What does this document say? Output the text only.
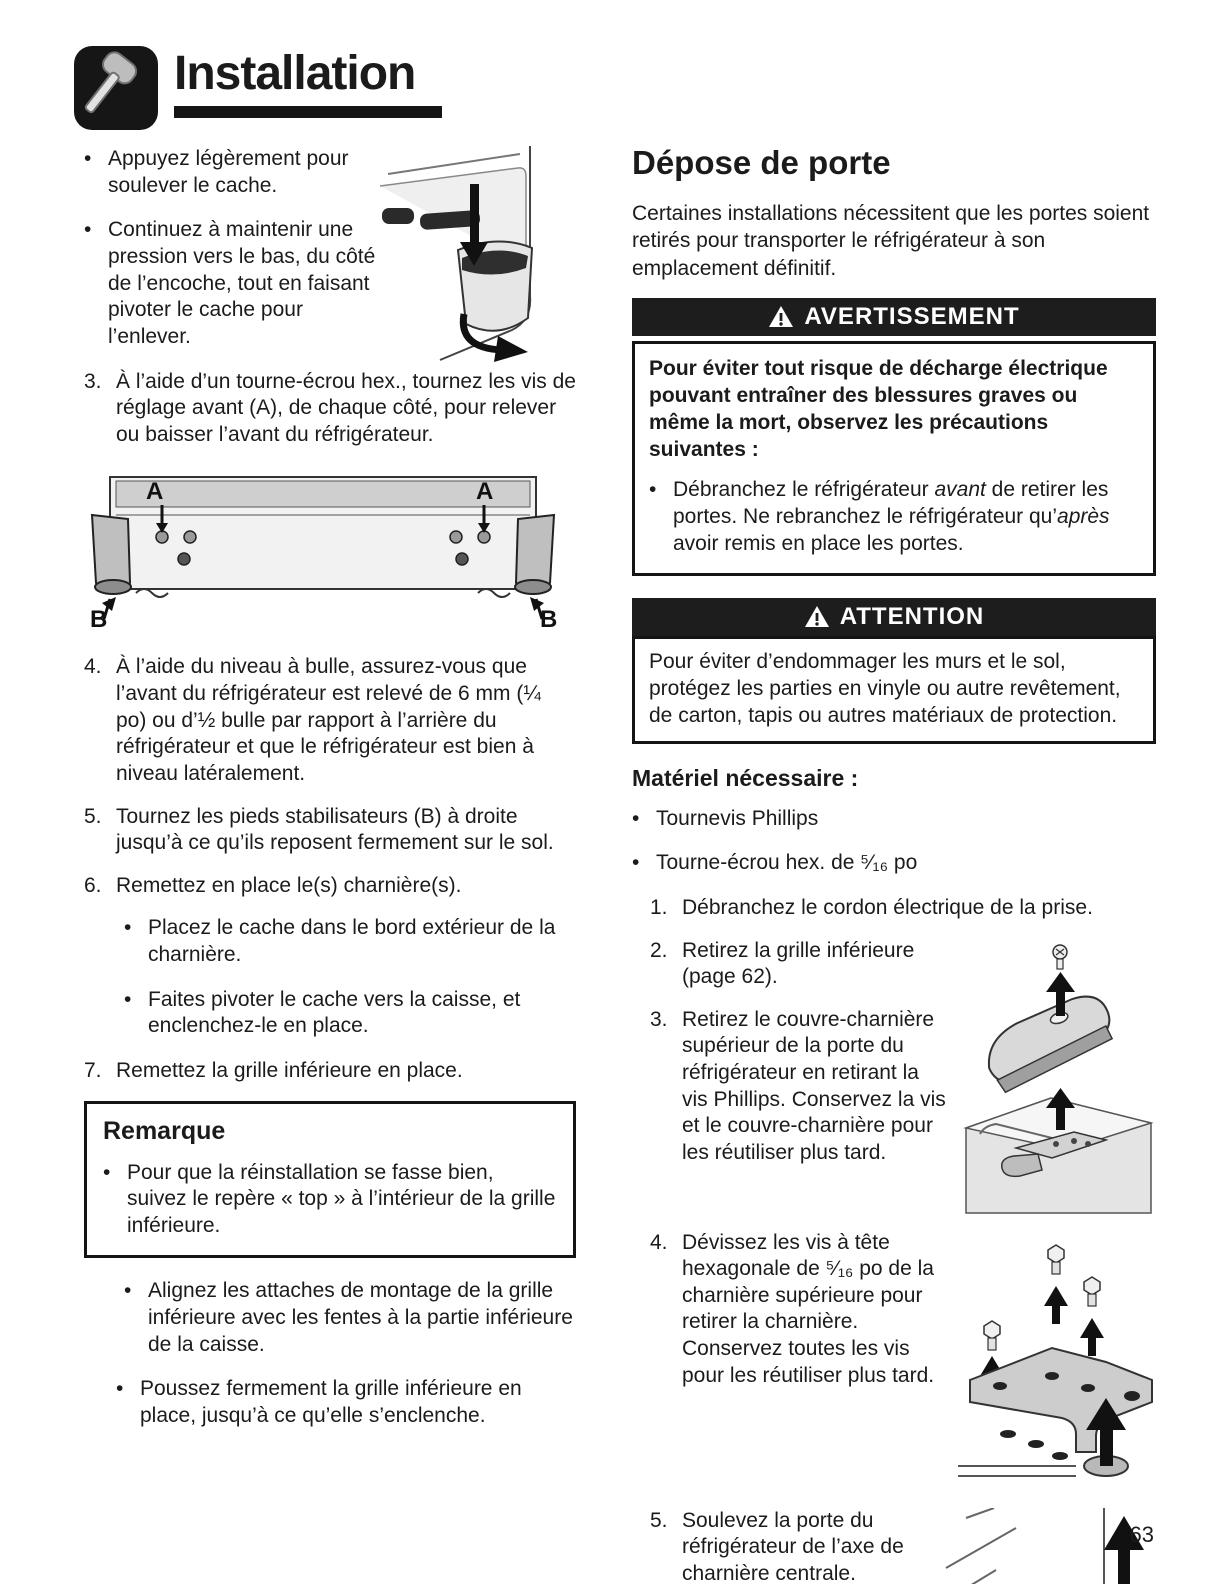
Installation
• Appuyez légèrement pour soulever le cache.
• Continuez à maintenir une pression vers le bas, du côté de l’encoche, tout en faisant pivoter le cache pour l’enlever.
3. À l’aide d’un tourne-écrou hex., tournez les vis de réglage avant (A), de chaque côté, pour relever ou baisser l’avant du réfrigérateur.
A	A
B	B
4. À l’aide du niveau à bulle, assurez-vous que l’avant du réfrigérateur est relevé de 6 mm (¼ po) ou d’½ bulle par rapport à l’arrière du réfrigérateur et que le réfrigérateur est bien à niveau latéralement.
5. Tournez les pieds stabilisateurs (B) à droite jusqu’à ce qu’ils reposent fermement sur le sol.
6. Remettez en place le(s) charnière(s).
• Placez le cache dans le bord extérieur de la charnière.
• Faites pivoter le cache vers la caisse, et enclenchez-le en place.
7. Remettez la grille inférieure en place.
Remarque
• Pour que la réinstallation se fasse bien, suivez le repère « top » à l’intérieur de la grille inférieure.
• Alignez les attaches de montage de la grille inférieure avec les fentes à la partie inférieure de la caisse.
• Poussez fermement la grille inférieure en place, jusqu’à ce qu’elle s’enclenche.
Dépose de porte

Certaines installations nécessitent que les portes soient retirés pour transporter le réfrigérateur à son emplacement définitif.

AVERTISSEMENT
Pour éviter tout risque de décharge électrique pouvant entraîner des blessures graves ou même la mort, observez les précautions suivantes :
• Débranchez le réfrigérateur avant de retirer les portes. Ne rebranchez le réfrigérateur qu’après avoir remis en place les portes.
ATTENTION
Pour éviter d’endommager les murs et le sol, protégez les parties en vinyle ou autre revêtement, de carton, tapis ou autres matériaux de protection.
Matériel nécessaire :
• Tournevis Phillips
• Tourne-écrou hex. de ⁵⁄₁₆ po
1. Débranchez le cordon électrique de la prise.
2. Retirez la grille inférieure (page 62).
3. Retirez le couvre-charnière supérieur de la porte du réfrigérateur en retirant la vis Phillips. Conservez la vis et le couvre-charnière pour les réutiliser plus tard.
4. Dévissez les vis à tête hexagonale de ⁵⁄₁₆ po de la charnière supérieure pour retirer la charnière. Conservez toutes les vis pour les réutiliser plus tard.
5. Soulevez la porte du réfrigérateur de l’axe de charnière centrale.
63
